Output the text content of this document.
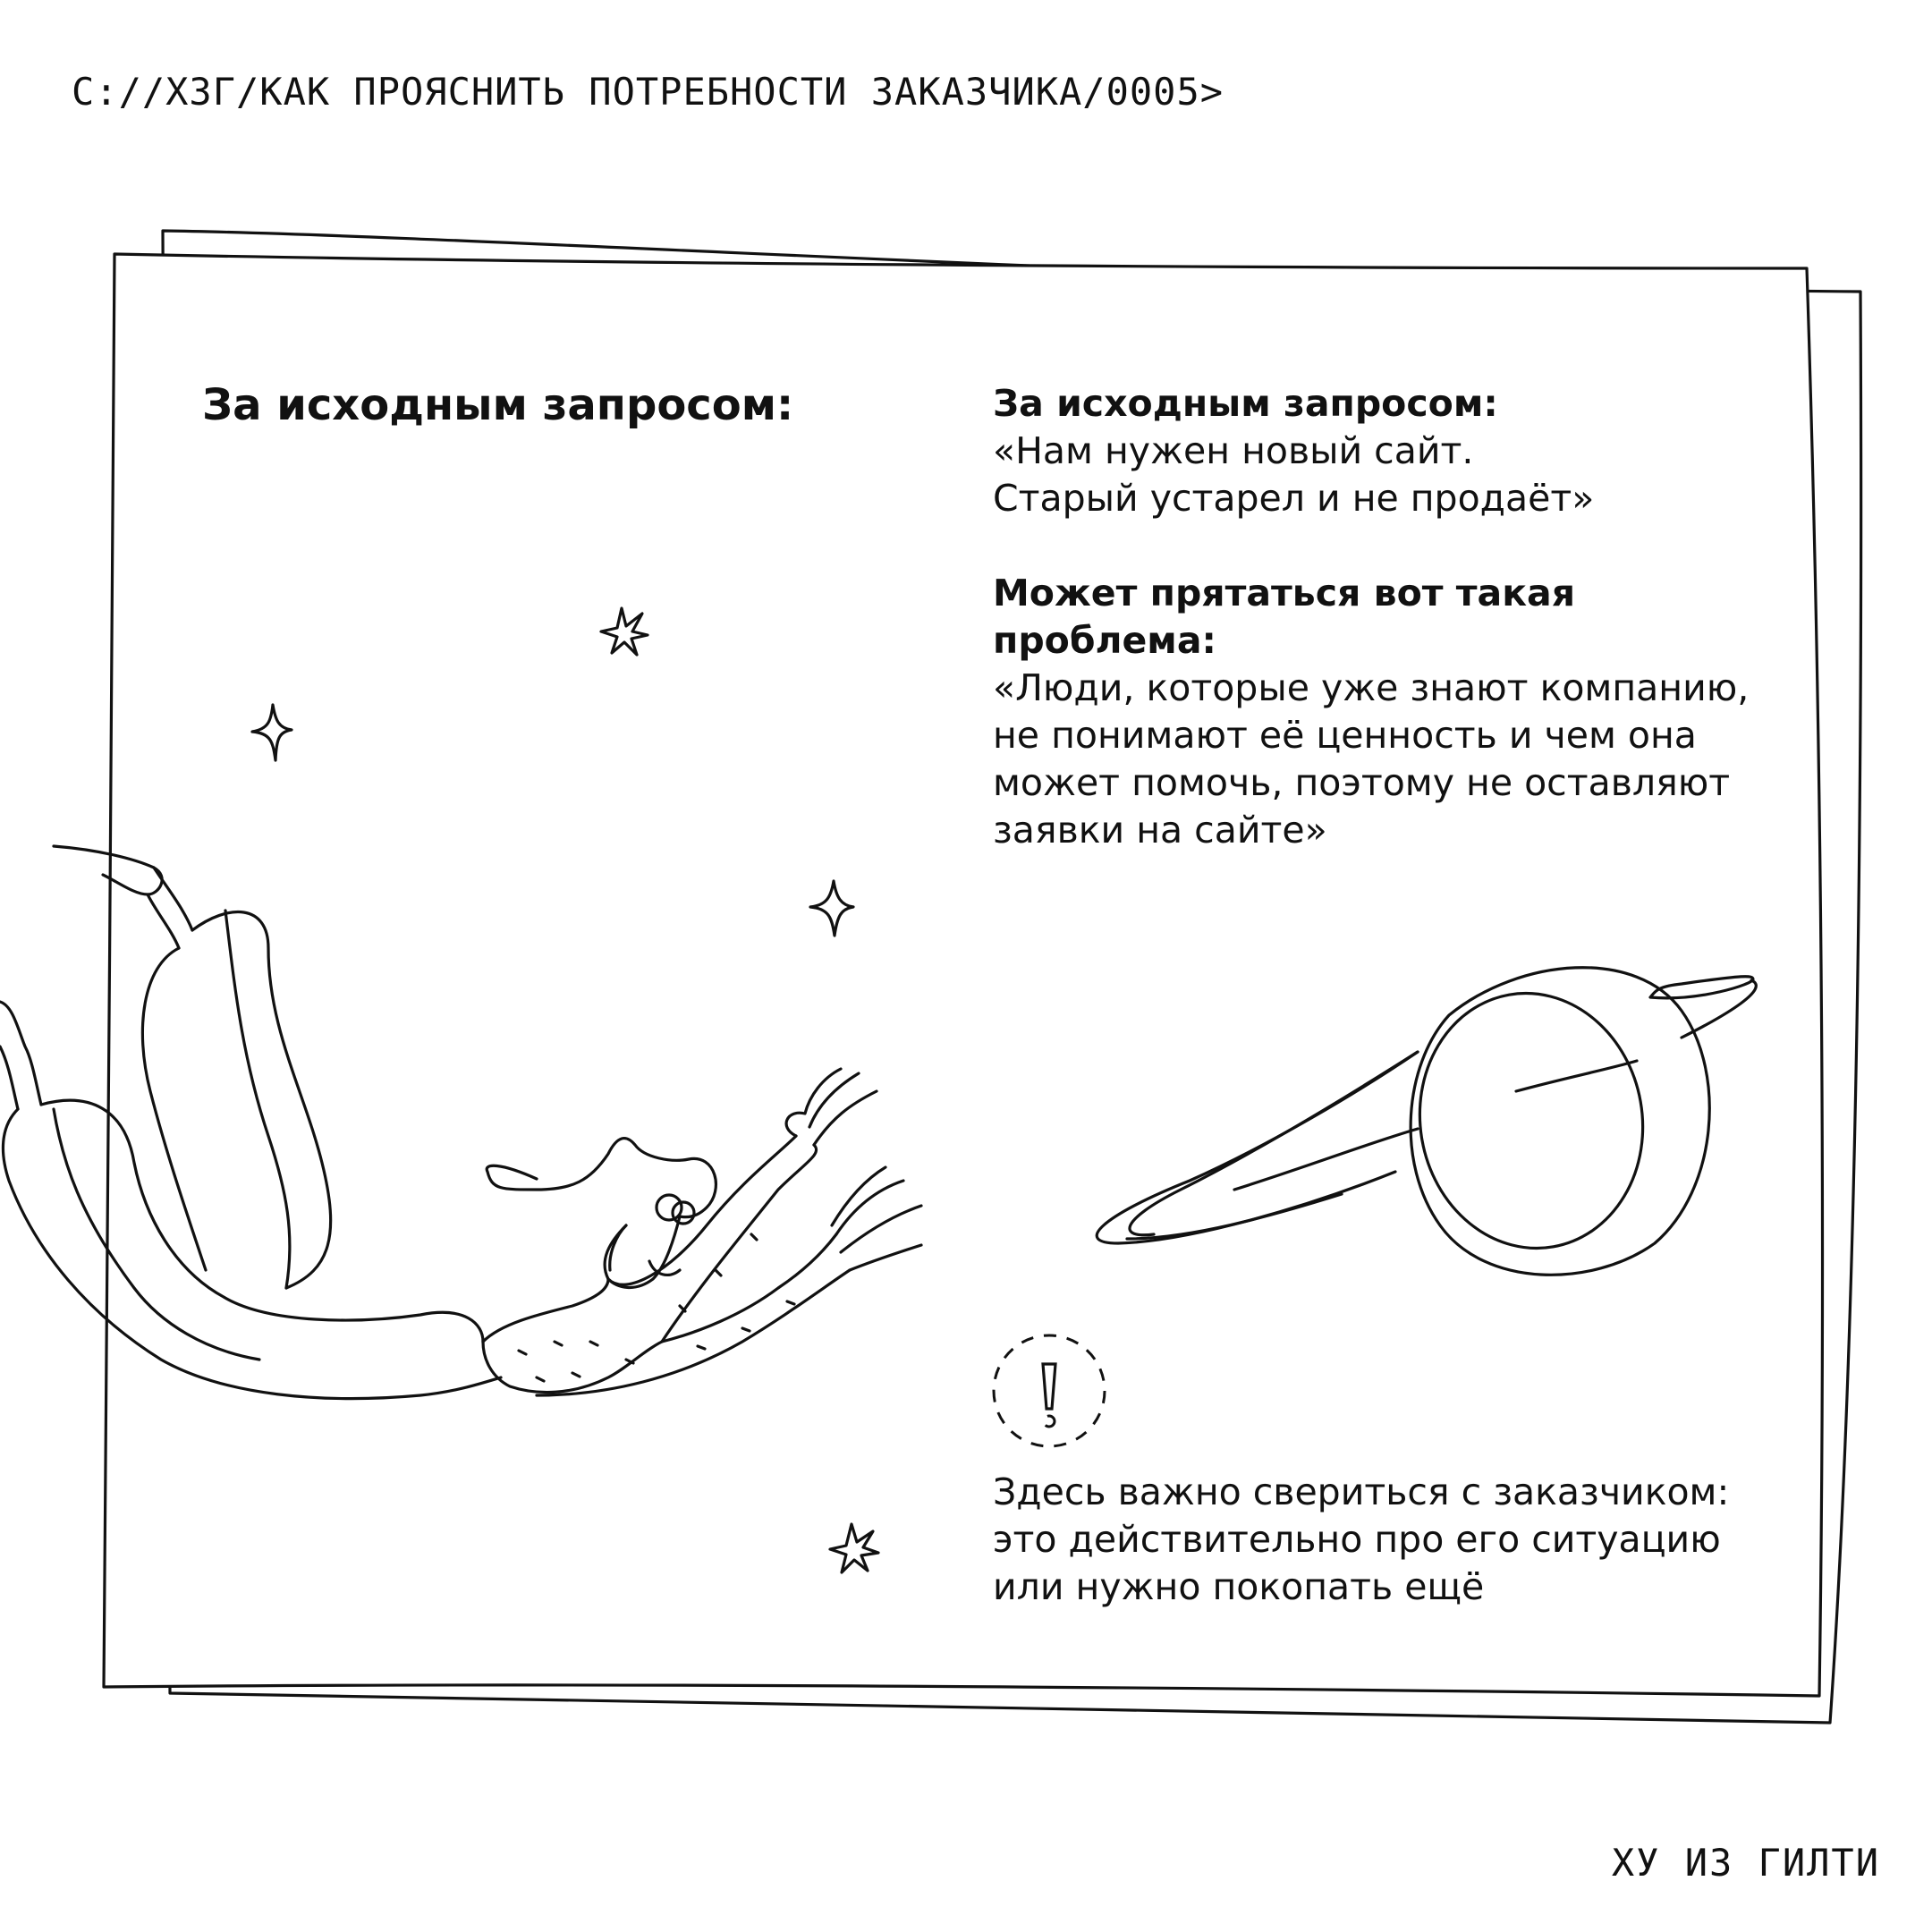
C://ХЗГ/КАК ПРОЯСНИТЬ ПОТРЕБНОСТИ ЗАКАЗЧИКА/0005>
За исходным запросом:	За исходным запросом:
«Нам нужен новый сайт.
Старый устарел и не продаёт»
Может прятаться вот такая
проблема:
«Люди, которые уже знают компанию,
не понимают её ценность и чем она
может помочь, поэтому не оставляют
заявки на сайте»
Здесь важно свериться с заказчиком:
это действительно про его ситуацию
или нужно покопать ещё
ХУ ИЗ ГИЛТИ
